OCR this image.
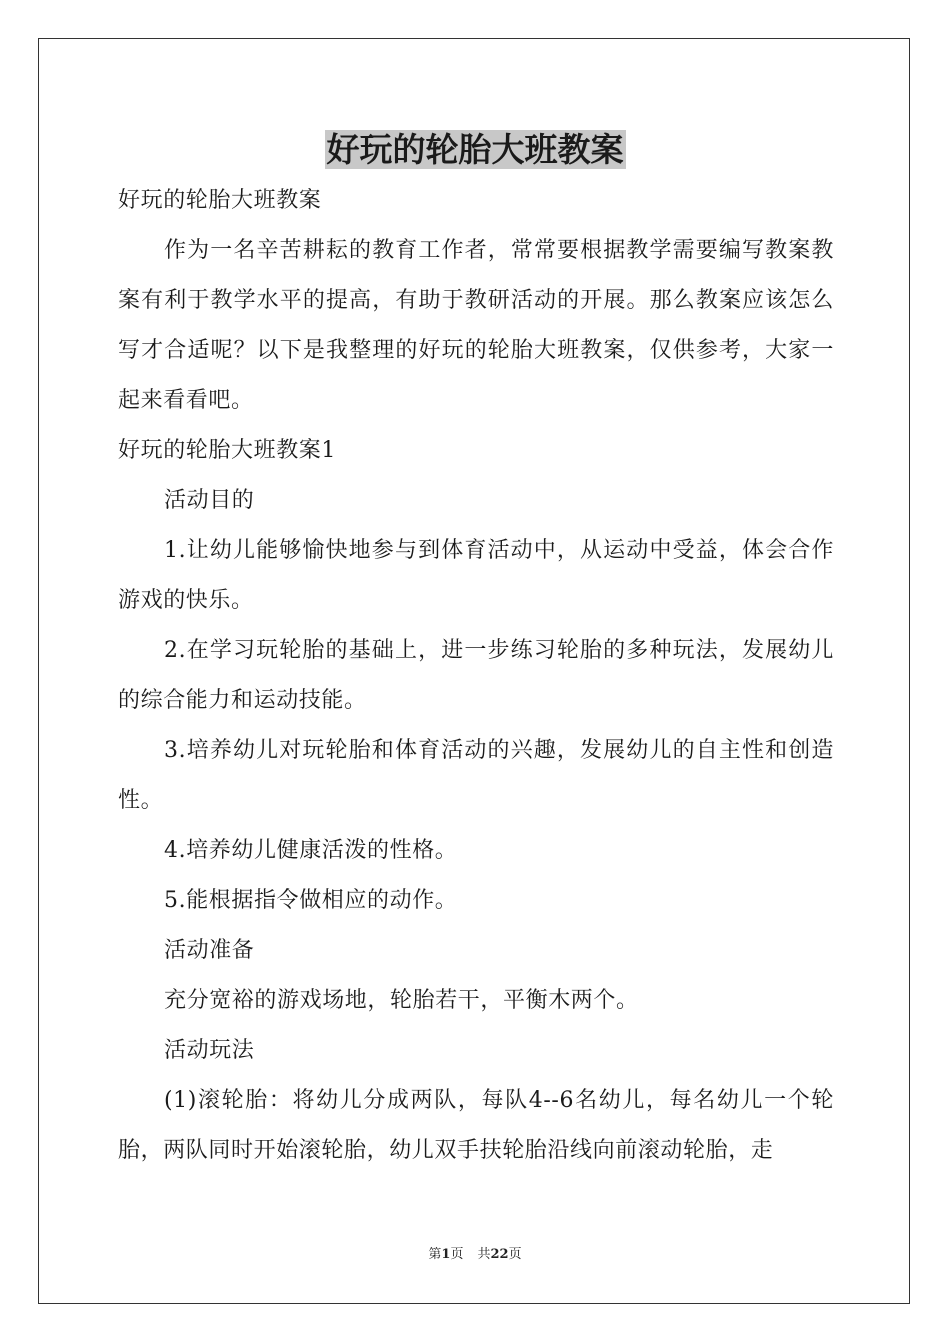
好玩的轮胎大班教案

好玩的轮胎大班教案

作为一名辛苦耕耘的教育工作者，常常要根据教学需要编写教案教案有利于教学水平的提高，有助于教研活动的开展。那么教案应该怎么写才合适呢？以下是我整理的好玩的轮胎大班教案，仅供参考，大家一起来看看吧。

好玩的轮胎大班教案1

活动目的

1.让幼儿能够愉快地参与到体育活动中，从运动中受益，体会合作游戏的快乐。

2.在学习玩轮胎的基础上，进一步练习轮胎的多种玩法，发展幼儿的综合能力和运动技能。

3.培养幼儿对玩轮胎和体育活动的兴趣，发展幼儿的自主性和创造性。

4.培养幼儿健康活泼的性格。

5.能根据指令做相应的动作。

活动准备

充分宽裕的游戏场地，轮胎若干，平衡木两个。

活动玩法

(1)滚轮胎：将幼儿分成两队，每队4--6名幼儿，每名幼儿一个轮胎，两队同时开始滚轮胎，幼儿双手扶轮胎沿线向前滚动轮胎，走

第1页 共22页
